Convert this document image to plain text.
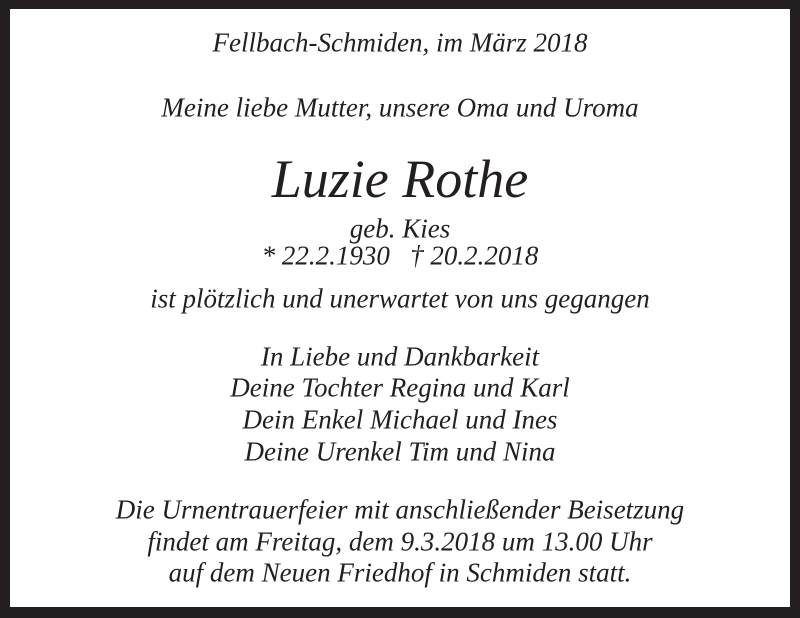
Fellbach-Schmiden, im März 2018
Meine liebe Mutter, unsere Oma und Uroma
Luzie Rothe
geb. Kies
* 22.2.1930   † 20.2.2018
ist plötzlich und unerwartet von uns gegangen
In Liebe und Dankbarkeit
Deine Tochter Regina und Karl
Dein Enkel Michael und Ines
Deine Urenkel Tim und Nina
Die Urnentrauerfeier mit anschließender Beisetzung
findet am Freitag, dem 9.3.2018 um 13.00 Uhr
auf dem Neuen Friedhof in Schmiden statt.
